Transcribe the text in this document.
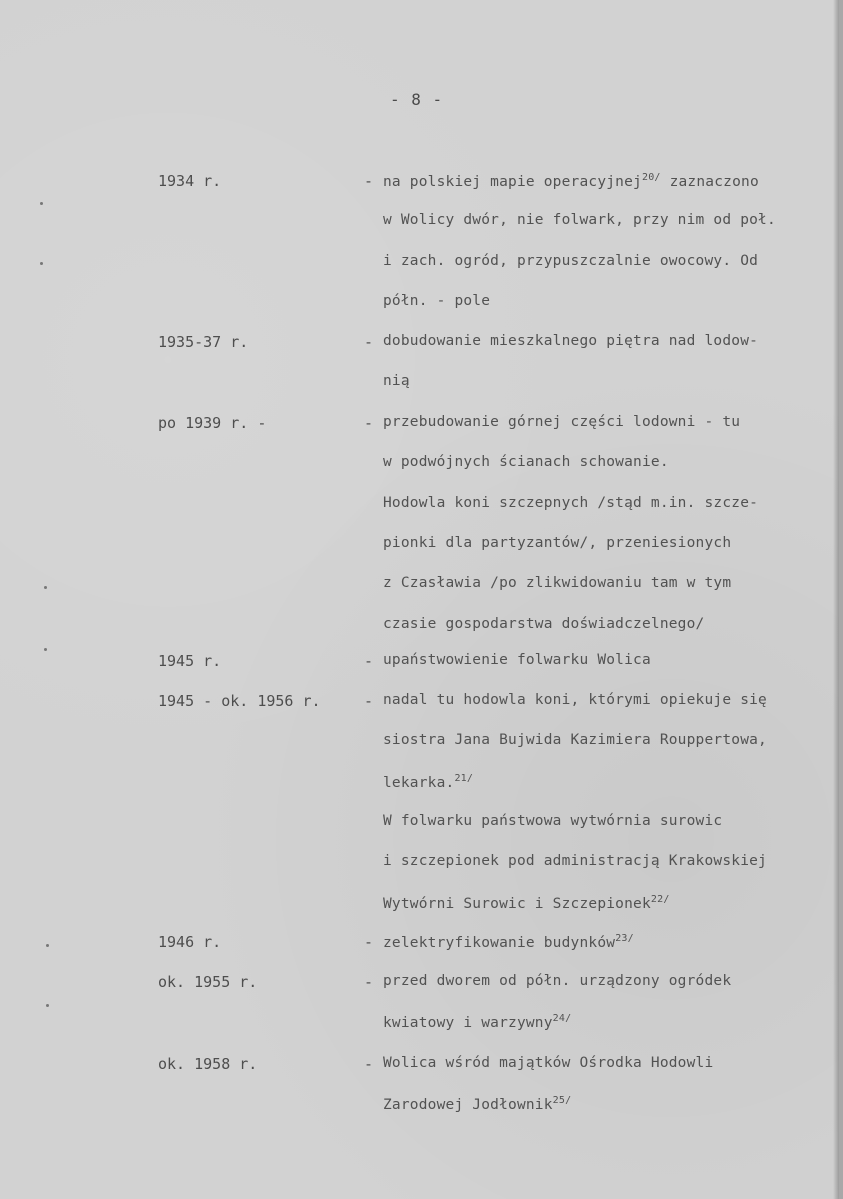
- 8 -
1934 r.	- na polskiej mapie operacyjnej$^{20/}$ zaznaczono
w Wolicy dwór, nie folwark, przy nim od poł.
i zach. ogród, przypuszczalnie owocowy. Od
półn. - pole
1935-37 r.	- dobudowanie mieszkalnego piętra nad lodow-
nią
po 1939 r. -	- przebudowanie górnej części lodowni - tu
w podwójnych ścianach schowanie.
Hodowla koni szczepnych /stąd m.in. szcze-
pionki dla partyzantów/, przeniesionych
z Czasławia /po zlikwidowaniu tam w tym
czasie gospodarstwa doświadczelnego/
1945 r.	- upaństwowienie folwarku Wolica
1945 - ok. 1956 r.	- nadal tu hodowla koni, którymi opiekuje się
siostra Jana Bujwida Kazimiera Rouppertowa,
lekarka.$^{21/}$
W folwarku państwowa wytwórnia surowic
i szczepionek pod administracją Krakowskiej
Wytwórni Surowic i Szczepionek$^{22/}$
1946 r.	- zelektryfikowanie budynków$^{23/}$
ok. 1955 r.	- przed dworem od półn. urządzony ogródek
kwiatowy i warzywny$^{24/}$
ok. 1958 r.	- Wolica wśród majątków Ośrodka Hodowli
Zarodowej Jodłownik$^{25/}$
